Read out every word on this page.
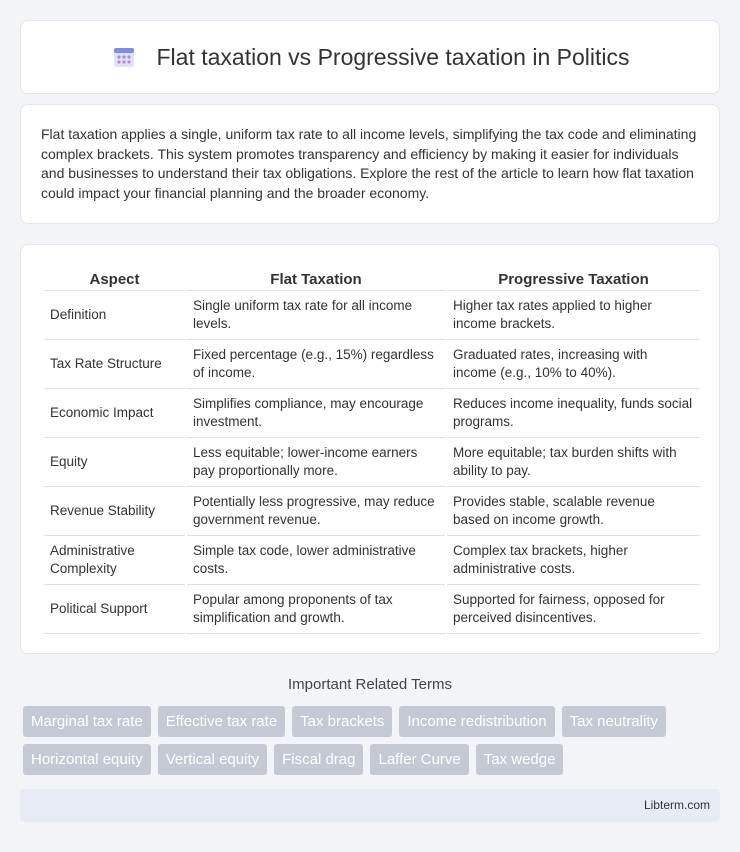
Flat taxation vs Progressive taxation in Politics

Flat taxation applies a single, uniform tax rate to all income levels, simplifying the tax code and eliminating complex brackets. This system promotes transparency and efficiency by making it easier for individuals and businesses to understand their tax obligations. Explore the rest of the article to learn how flat taxation could impact your financial planning and the broader economy.

Aspect	Flat Taxation	Progressive Taxation
Definition	Single uniform tax rate for all income levels.	Higher tax rates applied to higher income brackets.
Tax Rate Structure	Fixed percentage (e.g., 15%) regardless of income.	Graduated rates, increasing with income (e.g., 10% to 40%).
Economic Impact	Simplifies compliance, may encourage investment.	Reduces income inequality, funds social programs.
Equity	Less equitable; lower-income earners pay proportionally more.	More equitable; tax burden shifts with ability to pay.
Revenue Stability	Potentially less progressive, may reduce government revenue.	Provides stable, scalable revenue based on income growth.
Administrative Complexity	Simple tax code, lower administrative costs.	Complex tax brackets, higher administrative costs.
Political Support	Popular among proponents of tax simplification and growth.	Supported for fairness, opposed for perceived disincentives.
Important Related Terms
Marginal tax rate	Effective tax rate	Tax brackets	Income redistribution	Tax neutrality
Horizontal equity	Vertical equity	Fiscal drag	Laffer Curve	Tax wedge
Libterm.com
